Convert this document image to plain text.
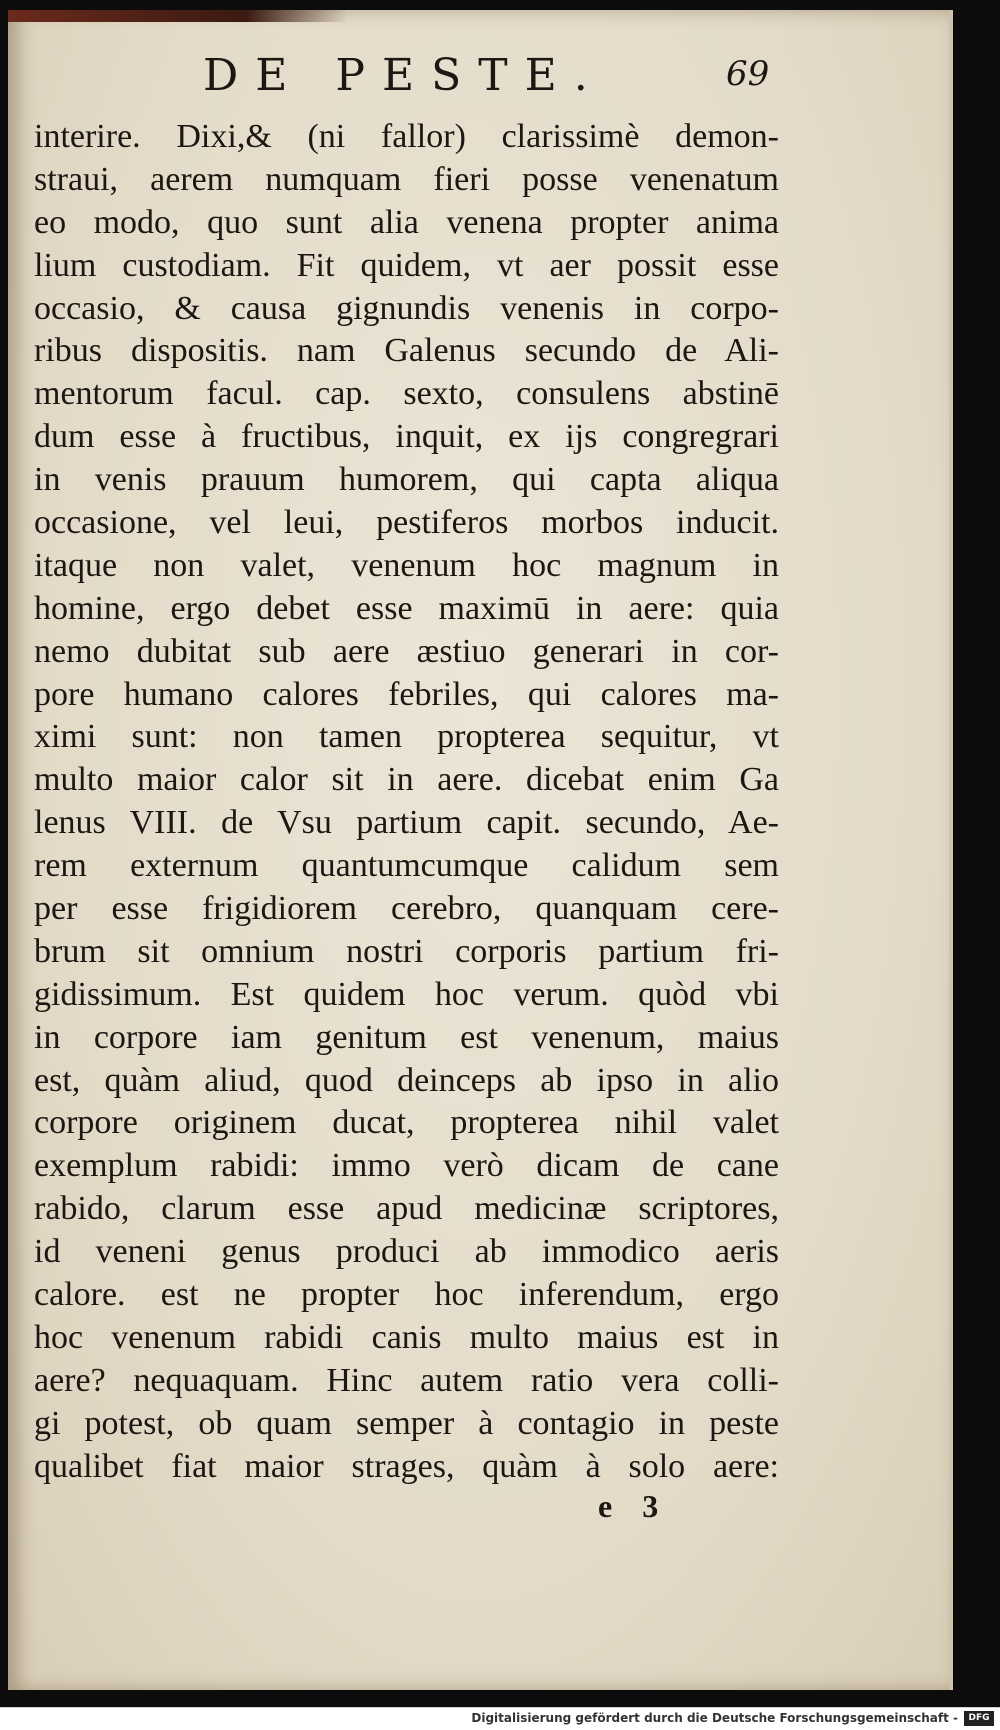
DE PESTE.	69
interire. Dixi,& (ni fallor) clarissimè demon-
straui, aerem numquam fieri posse venenatum
eo modo, quo sunt alia venena propter anima
lium custodiam. Fit quidem, vt aer possit esse
occasio, & causa gignundis venenis in corpo-
ribus dispositis. nam Galenus secundo de Ali-
mentorum facul. cap. sexto, consulens abstinē
dum esse à fructibus, inquit, ex ijs congregrari
in venis prauum humorem, qui capta aliqua
occasione, vel leui, pestiferos morbos inducit.
itaque non valet, venenum hoc magnum in
homine, ergo debet esse maximū in aere: quia
nemo dubitat sub aere æstiuo generari in cor-
pore humano calores febriles, qui calores ma-
ximi sunt: non tamen propterea sequitur, vt
multo maior calor sit in aere. dicebat enim Ga
lenus VIII. de Vsu partium capit. secundo, Ae-
rem externum quantumcumque calidum sem
per esse frigidiorem cerebro, quanquam cere-
brum sit omnium nostri corporis partium fri-
gidissimum. Est quidem hoc verum. quòd vbi
in corpore iam genitum est venenum, maius
est, quàm aliud, quod deinceps ab ipso in alio
corpore originem ducat, propterea nihil valet
exemplum rabidi: immo verò dicam de cane
rabido, clarum esse apud medicinæ scriptores,
id veneni genus produci ab immodico aeris
calore. est ne propter hoc inferendum, ergo
hoc venenum rabidi canis multo maius est in
aere? nequaquam. Hinc autem ratio vera colli-
gi potest, ob quam semper à contagio in peste
qualibet fiat maior strages, quàm à solo aere:
e 3
Digitalisierung gefördert durch die Deutsche Forschungsgemeinschaft -	DFG
